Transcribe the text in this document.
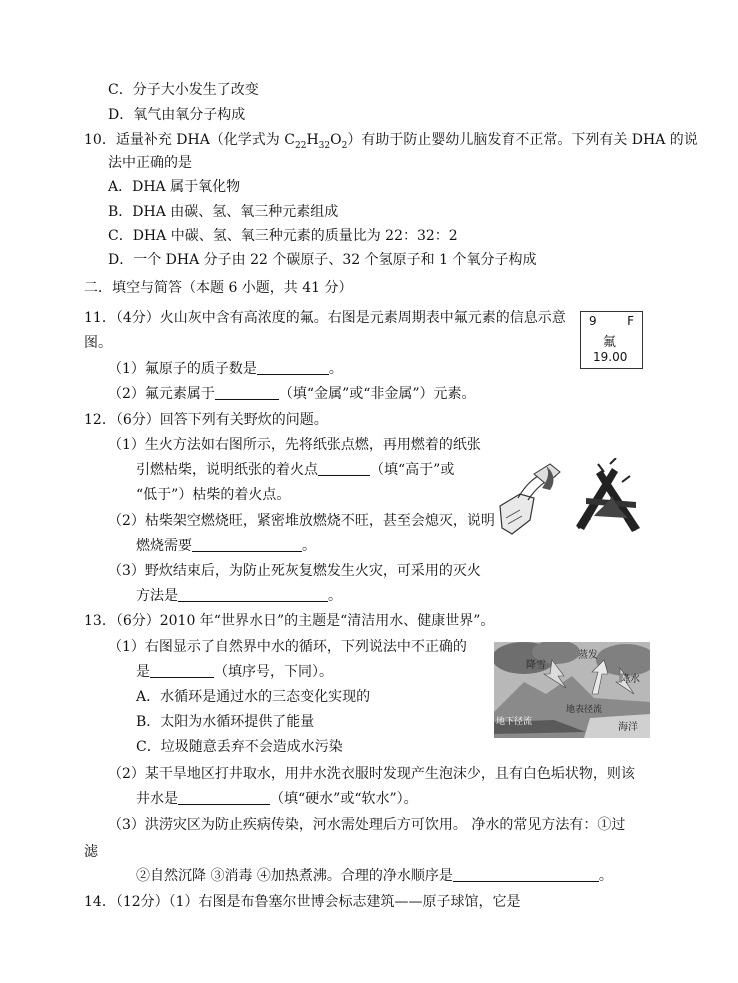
C．分子大小发生了改变
D．氧气由氧分子构成
10．适量补充 DHA（化学式为 $C_{22}H_{32}O_2$）有助于防止婴幼儿脑发育不正常。下列有关 DHA 的说
法中正确的是
A．DHA 属于氧化物
B．DHA 由碳、氢、氧三种元素组成
C．DHA 中碳、氢、氧三种元素的质量比为 22：32：2
D．一个 DHA 分子由 22 个碳原子、32 个氢原子和 1 个氧分子构成
二．填空与简答（本题 6 小题，共 41 分）
11．（4分）火山灰中含有高浓度的氟。右图是元素周期表中氟元素的信息示意
图。
（1）氟原子的质子数是	。
（2）氟元素属于	（填“金属”或“非金属”）元素。
9	F
氟
19.00
12．（6分）回答下列有关野炊的问题。
（1）生火方法如右图所示，先将纸张点燃，再用燃着的纸张
引燃枯柴，说明纸张的着火点	（填“高于”或
“低于”）枯柴的着火点。
（2）枯柴架空燃烧旺，紧密堆放燃烧不旺，甚至会熄灭，说明
燃烧需要	。
（3）野炊结束后，为防止死灰复燃发生火灾，可采用的灭火
方法是	。
13．（6分）2010 年“世界水日”的主题是“清洁用水、健康世界”。
（1）右图显示了自然界中水的循环，下列说法中不正确的
是	（填序号，下同）。
A．水循环是通过水的三态变化实现的
B．太阳为水循环提供了能量
C．垃圾随意丢弃不会造成水污染
（2）某干旱地区打井取水，用井水洗衣服时发现产生泡沫少，且有白色垢状物，则该
井水是	（填“硬水”或“软水”）。
（3）洪涝灾区为防止疾病传染，河水需处理后方可饮用。 净水的常见方法有：①过
滤
②自然沉降 ③消毒 ④加热煮沸。合理的净水顺序是	。
降雪
蒸发
降水
地表径流
地下径流	海洋
14．（12分）（1）右图是布鲁塞尔世博会标志建筑——原子球馆，它是
